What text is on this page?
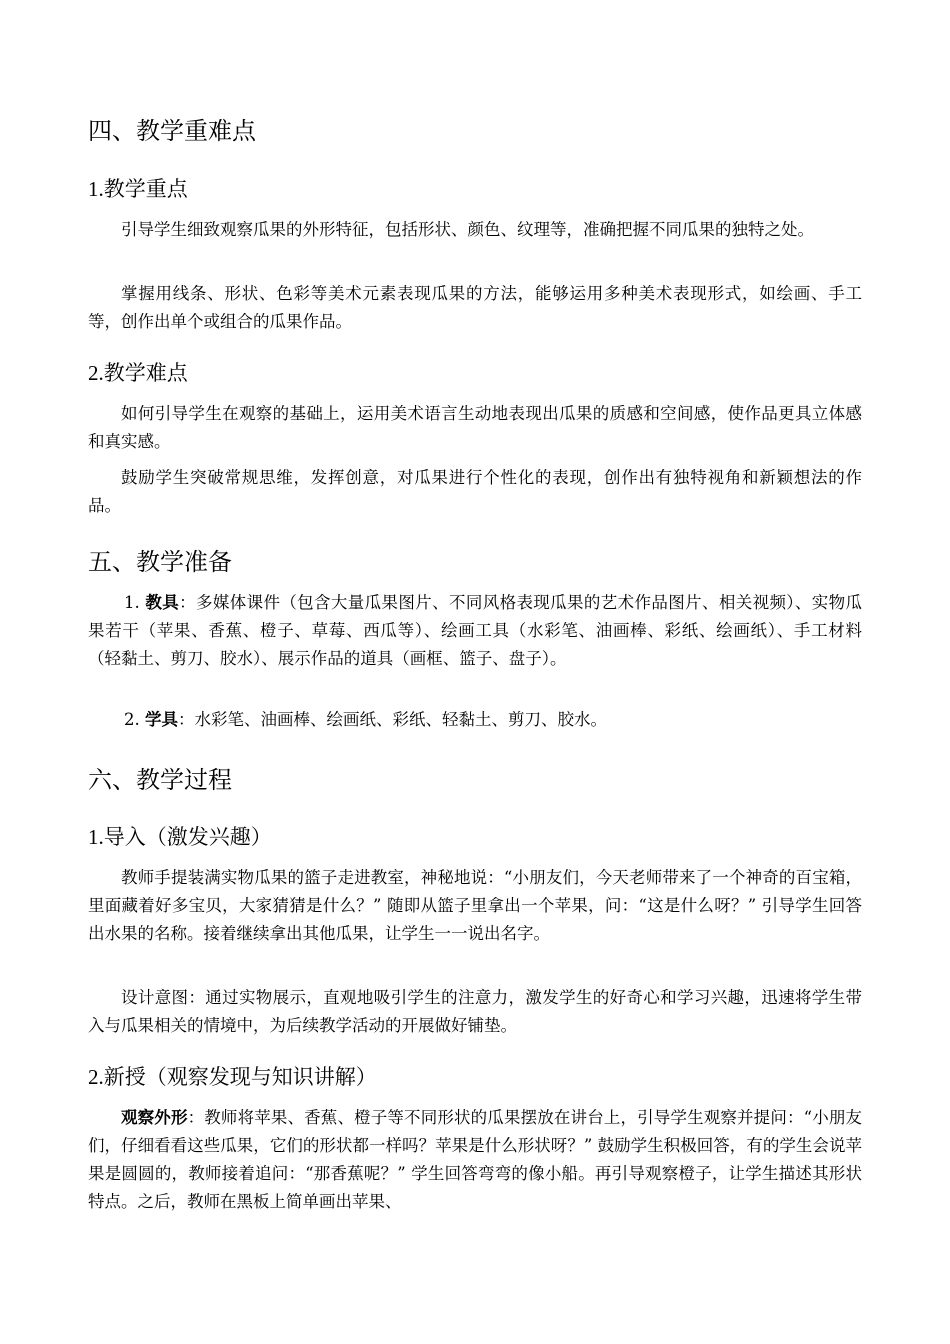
四、教学重难点
1.教学重点
引导学生细致观察瓜果的外形特征，包括形状、颜色、纹理等，准确把握不同瓜果的独特之处。
掌握用线条、形状、色彩等美术元素表现瓜果的方法，能够运用多种美术表现形式，如绘画、手工等，创作出单个或组合的瓜果作品。
2.教学难点
如何引导学生在观察的基础上，运用美术语言生动地表现出瓜果的质感和空间感，使作品更具立体感和真实感。
鼓励学生突破常规思维，发挥创意，对瓜果进行个性化的表现，创作出有独特视角和新颖想法的作品。
五、教学准备
1. 教具：多媒体课件（包含大量瓜果图片、不同风格表现瓜果的艺术作品图片、相关视频）、实物瓜果若干（苹果、香蕉、橙子、草莓、西瓜等）、绘画工具（水彩笔、油画棒、彩纸、绘画纸）、手工材料（轻黏土、剪刀、胶水）、展示作品的道具（画框、篮子、盘子）。
2. 学具：水彩笔、油画棒、绘画纸、彩纸、轻黏土、剪刀、胶水。
六、教学过程
1.导入（激发兴趣）
教师手提装满实物瓜果的篮子走进教室，神秘地说：“小朋友们，今天老师带来了一个神奇的百宝箱，里面藏着好多宝贝，大家猜猜是什么？” 随即从篮子里拿出一个苹果，问：“这是什么呀？” 引导学生回答出水果的名称。接着继续拿出其他瓜果，让学生一一说出名字。
设计意图：通过实物展示，直观地吸引学生的注意力，激发学生的好奇心和学习兴趣，迅速将学生带入与瓜果相关的情境中，为后续教学活动的开展做好铺垫。
2.新授（观察发现与知识讲解）
观察外形：教师将苹果、香蕉、橙子等不同形状的瓜果摆放在讲台上，引导学生观察并提问：“小朋友们，仔细看看这些瓜果，它们的形状都一样吗？苹果是什么形状呀？” 鼓励学生积极回答，有的学生会说苹果是圆圆的，教师接着追问：“那香蕉呢？” 学生回答弯弯的像小船。再引导观察橙子，让学生描述其形状特点。之后，教师在黑板上简单画出苹果、
